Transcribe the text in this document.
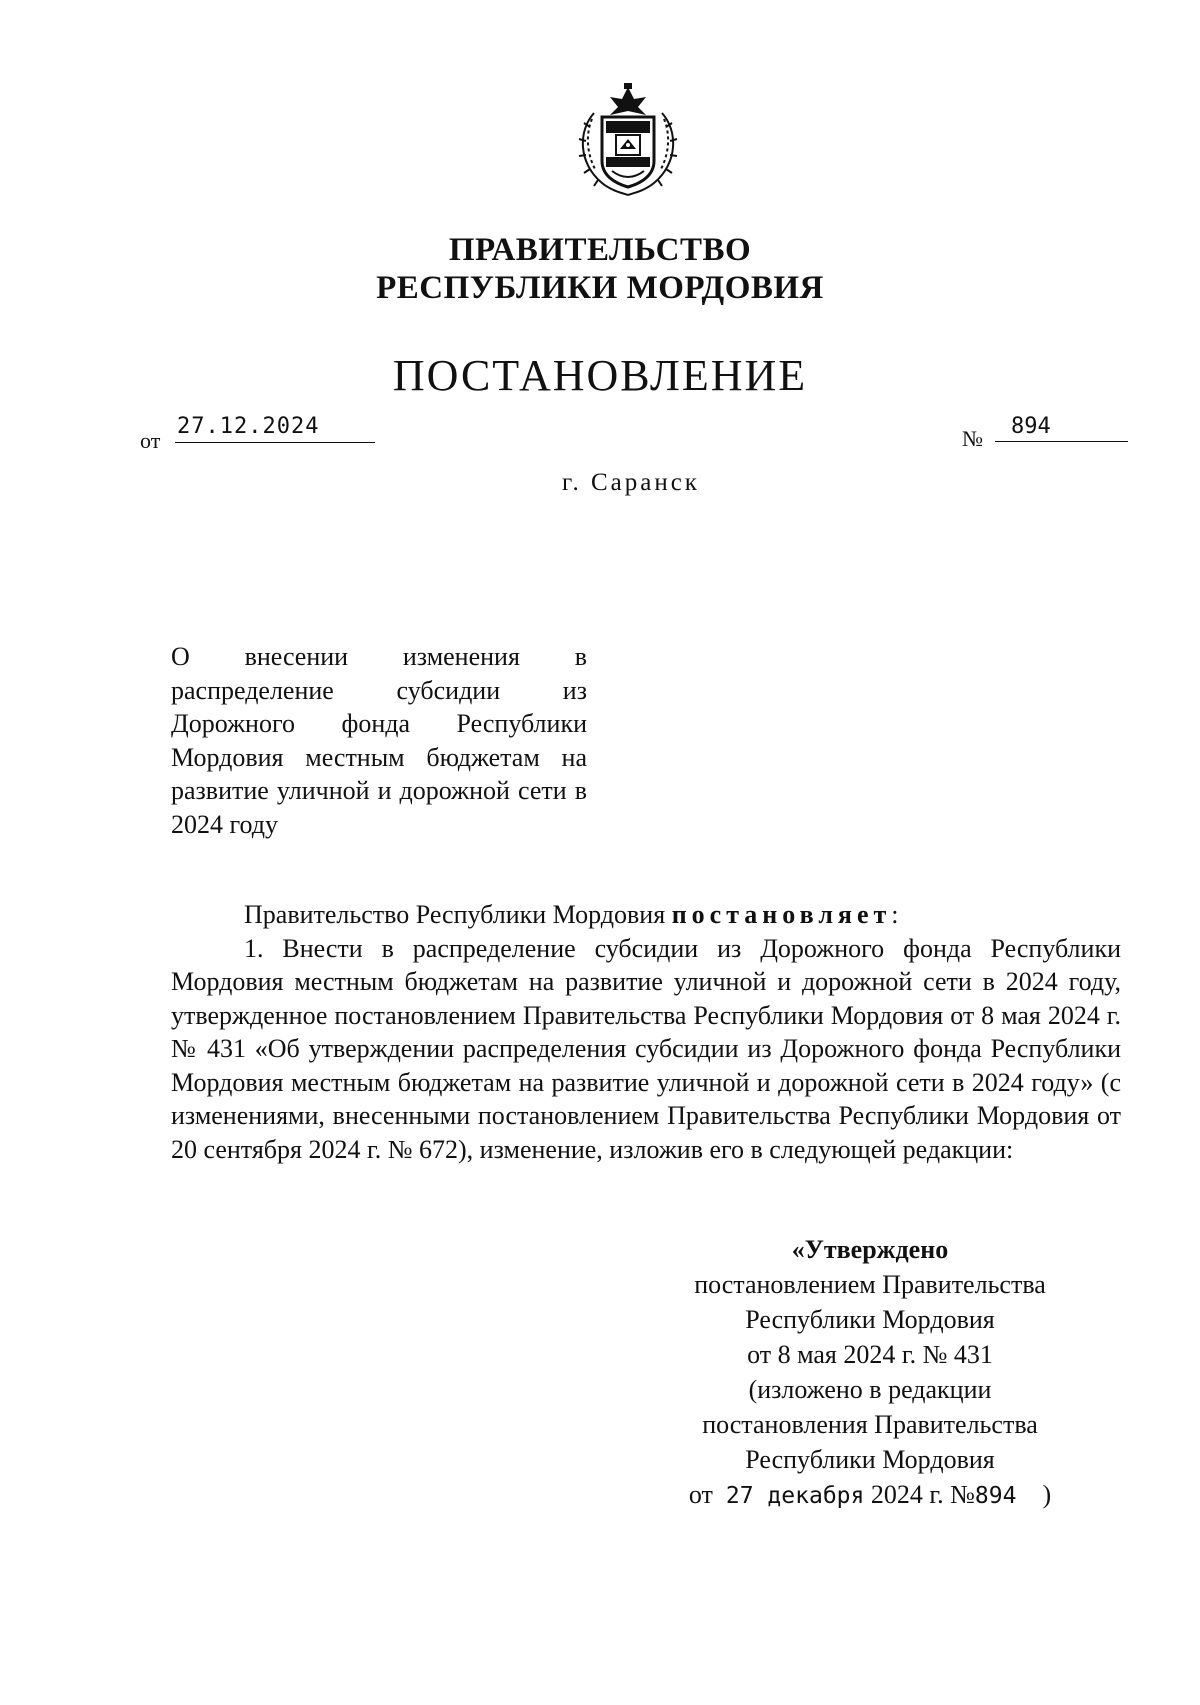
ПРАВИТЕЛЬСТВО
РЕСПУБЛИКИ МОРДОВИЯ
ПОСТАНОВЛЕНИЕ
от
27.12.2024	№	894
г. Саранск
О внесении изменения в распределение субсидии из Дорожного фонда Республики Мордовия местным бюджетам на развитие уличной и дорожной сети в 2024 году

Правительство Республики Мордовия постановляет:

1. Внести в распределение субсидии из Дорожного фонда Республики Мордовия местным бюджетам на развитие уличной и дорожной сети в 2024 году, утвержденное постановлением Правительства Республики Мордовия от 8 мая 2024 г. № 431 «Об утверждении распределения субсидии из Дорожного фонда Республики Мордовия местным бюджетам на развитие уличной и дорожной сети в 2024 году» (с изменениями, внесенными постановлением Правительства Республики Мордовия от 20 сентября 2024 г. № 672), изменение, изложив его в следующей редакции:

«Утверждено
постановлением Правительства
Республики Мордовия
от 8 мая 2024 г. № 431
(изложено в редакции
постановления Правительства
Республики Мордовия
от 27 декабря 2024 г. №894 )
